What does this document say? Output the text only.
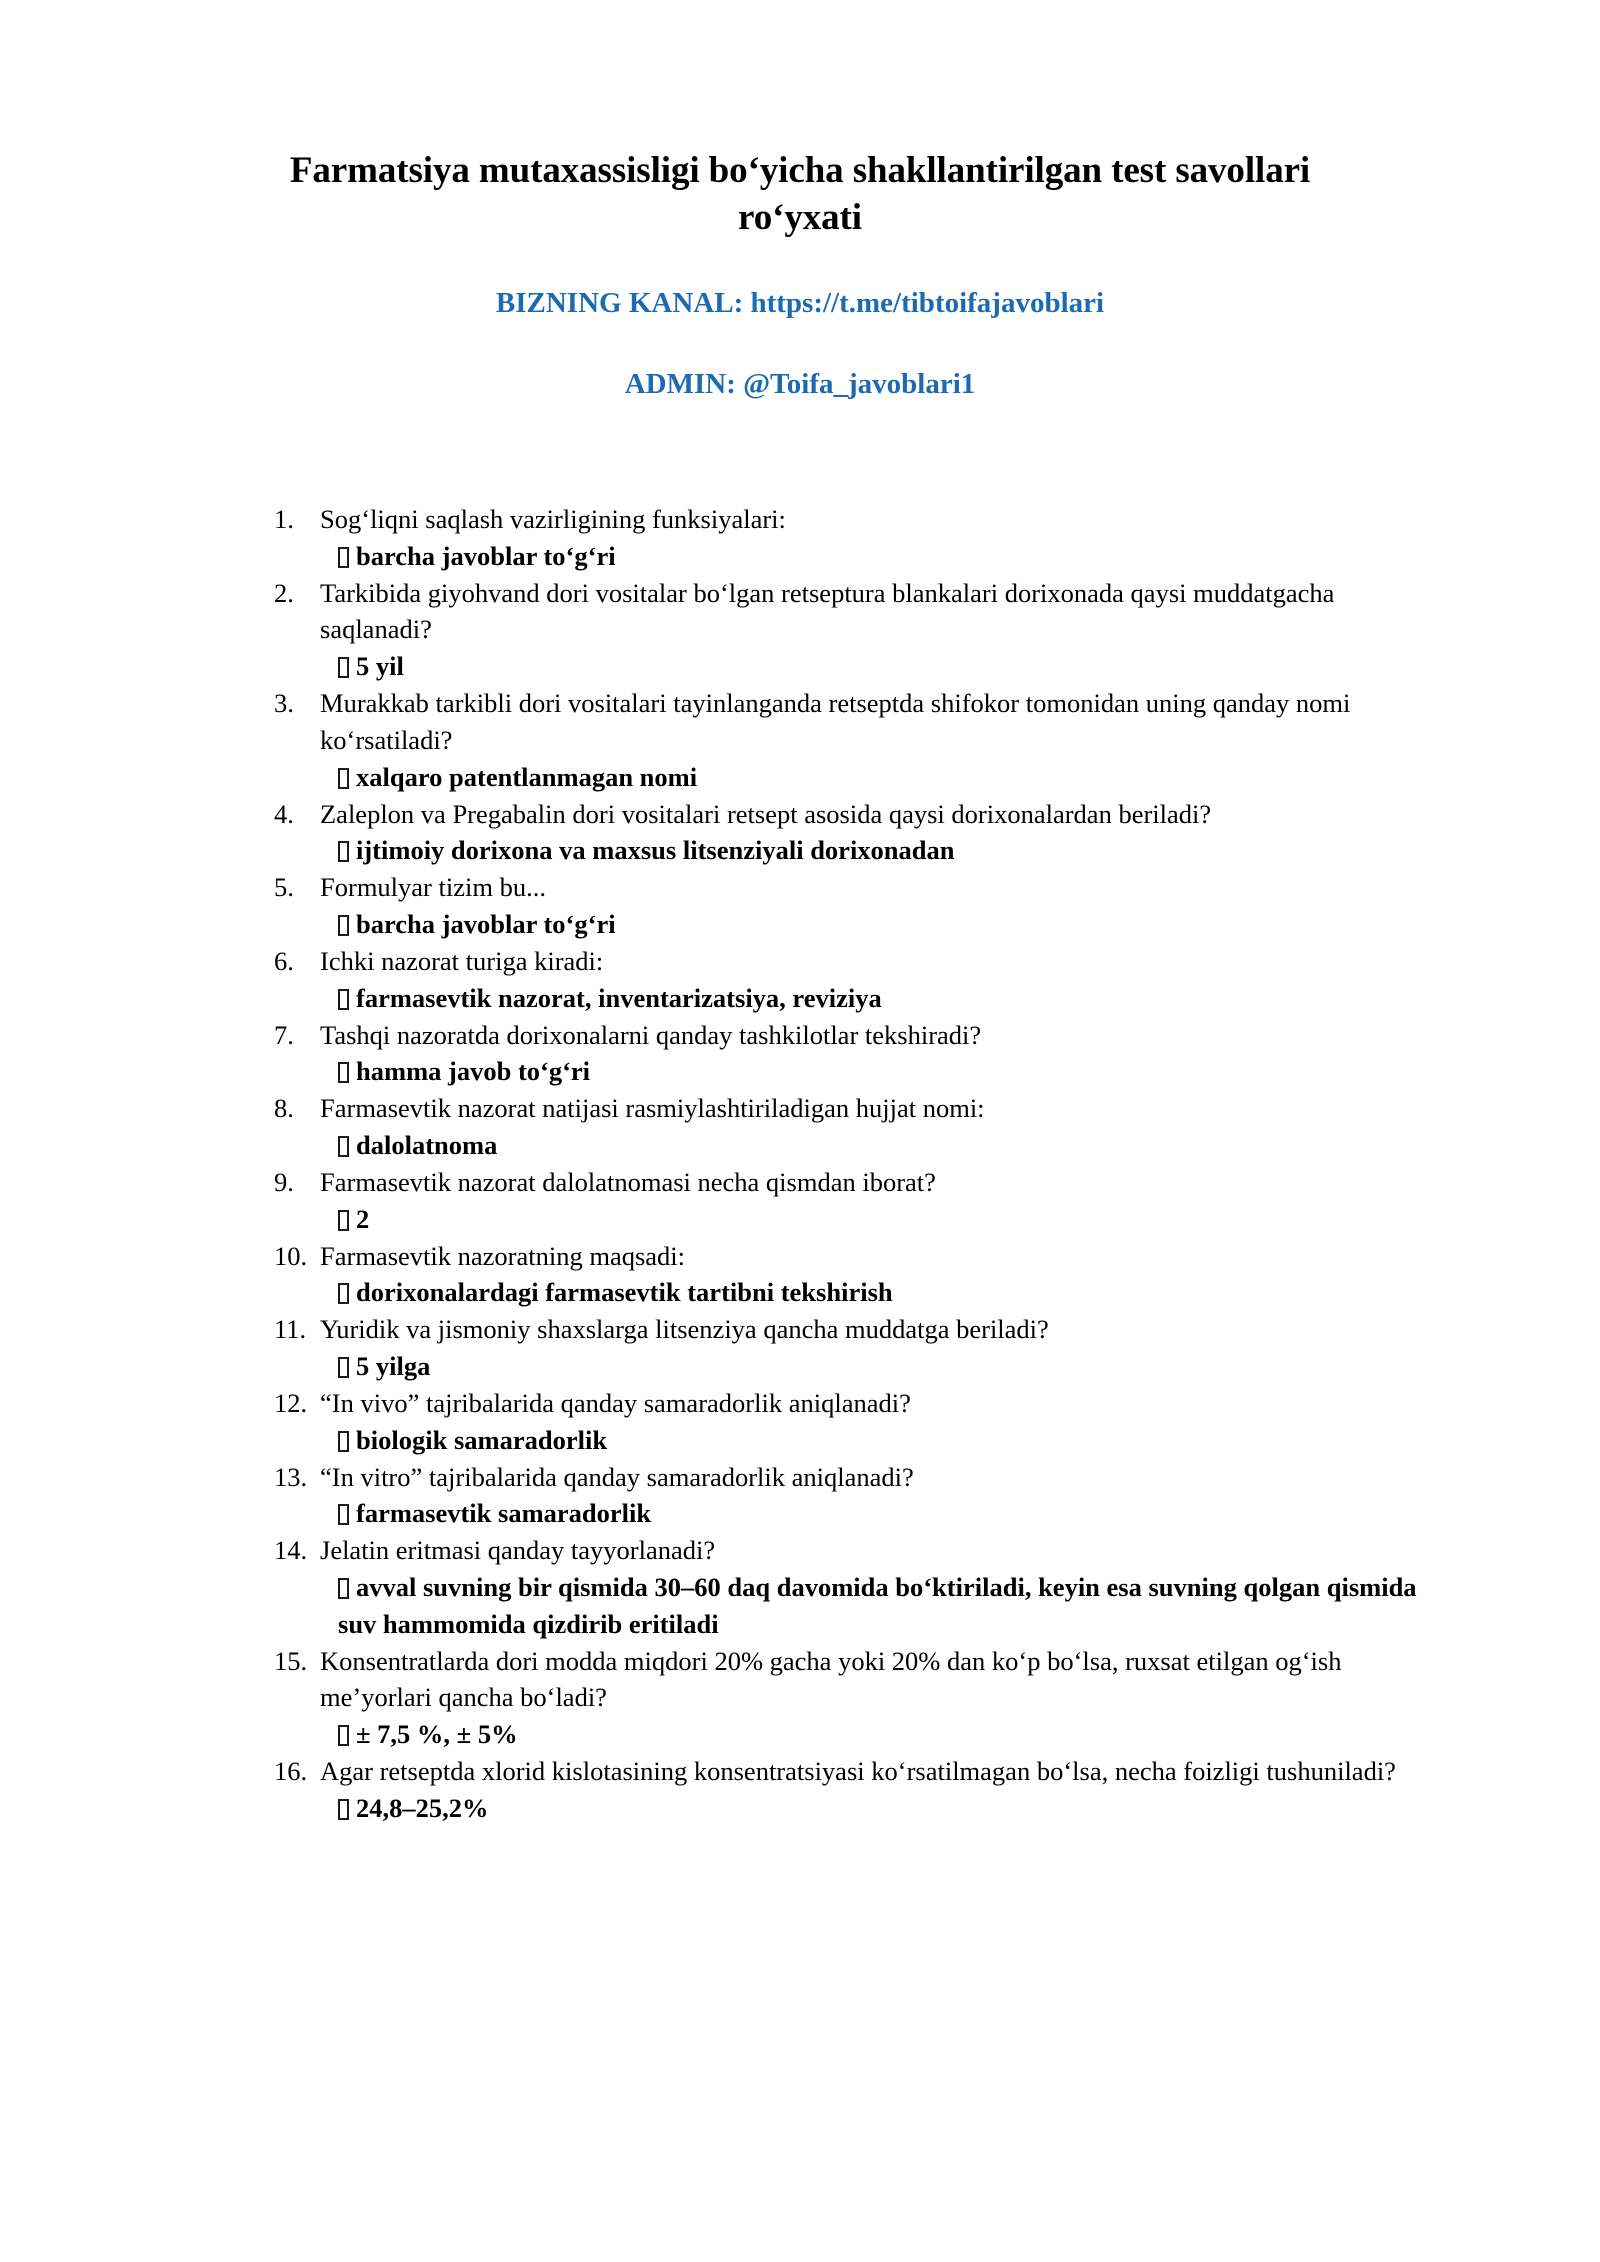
Farmatsiya mutaxassisligi bo‘yicha shakllantirilgan test savollari ro‘yxati

BIZNING KANAL: https://t.me/tibtoifajavoblari

ADMIN: @Toifa_javoblari1

Sog‘liqni saqlash vazirligining funksiyalari:
barcha javoblar to‘g‘ri
Tarkibida giyohvand dori vositalar bo‘lgan retseptura blankalari dorixonada qaysi muddatgacha saqlanadi?
5 yil
Murakkab tarkibli dori vositalari tayinlanganda retseptda shifokor tomonidan uning qanday nomi ko‘rsatiladi?
xalqaro patentlanmagan nomi
Zaleplon va Pregabalin dori vositalari retsept asosida qaysi dorixonalardan beriladi?
ijtimoiy dorixona va maxsus litsenziyali dorixonadan
Formulyar tizim bu...
barcha javoblar to‘g‘ri
Ichki nazorat turiga kiradi:
farmasevtik nazorat, inventarizatsiya, reviziya
Tashqi nazoratda dorixonalarni qanday tashkilotlar tekshiradi?
hamma javob to‘g‘ri
Farmasevtik nazorat natijasi rasmiylashtiriladigan hujjat nomi:
dalolatnoma
Farmasevtik nazorat dalolatnomasi necha qismdan iborat?
2
Farmasevtik nazoratning maqsadi:
dorixonalardagi farmasevtik tartibni tekshirish
Yuridik va jismoniy shaxslarga litsenziya qancha muddatga beriladi?
5 yilga
“In vivo” tajribalarida qanday samaradorlik aniqlanadi?
biologik samaradorlik
“In vitro” tajribalarida qanday samaradorlik aniqlanadi?
farmasevtik samaradorlik
Jelatin eritmasi qanday tayyorlanadi?
avval suvning bir qismida 30–60 daq davomida bo‘ktiriladi, keyin esa suvning qolgan qismida suv hammomida qizdirib eritiladi
Konsentratlarda dori modda miqdori 20% gacha yoki 20% dan ko‘p bo‘lsa, ruxsat etilgan og‘ish me’yorlari qancha bo‘ladi?
± 7,5 %, ± 5%
Agar retseptda xlorid kislotasining konsentratsiyasi ko‘rsatilmagan bo‘lsa, necha foizligi tushuniladi?
24,8–25,2%
